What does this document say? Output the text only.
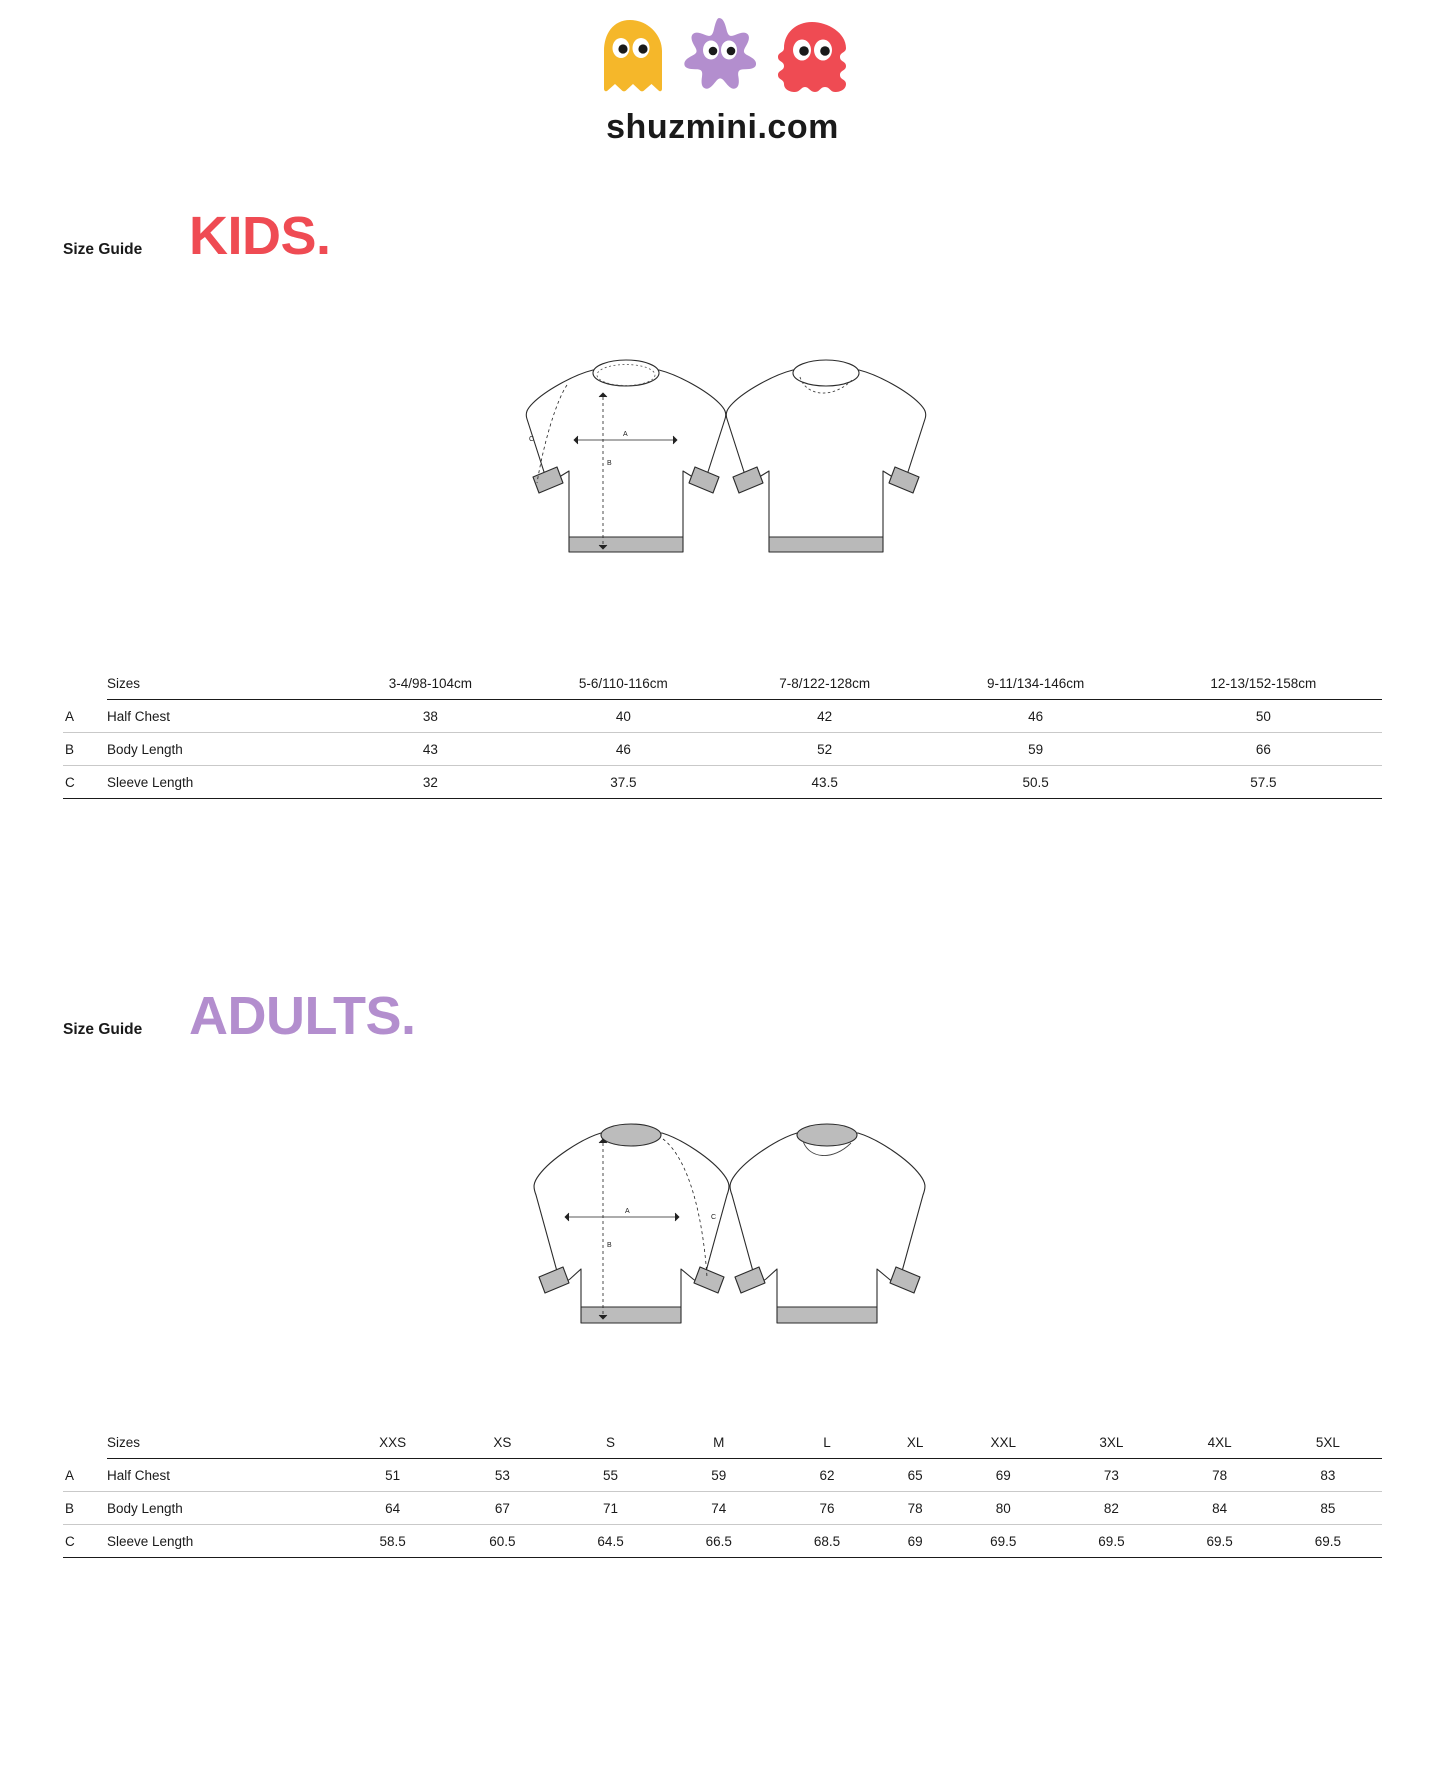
shuzmini.com
Size Guide KIDS.
A
B
C
	Sizes	3-4/98-104cm	5-6/110-116cm	7-8/122-128cm	9-11/134-146cm	12-13/152-158cm
A	Half Chest	38	40	42	46	50
B	Body Length	43	46	52	59	66
C	Sleeve Length	32	37.5	43.5	50.5	57.5
Size Guide ADULTS.
A
B
C
	Sizes	XXS	XS	S	M	L	XL	XXL	3XL	4XL	5XL
A	Half Chest	51	53	55	59	62	65	69	73	78	83
B	Body Length	64	67	71	74	76	78	80	82	84	85
C	Sleeve Length	58.5	60.5	64.5	66.5	68.5	69	69.5	69.5	69.5	69.5
